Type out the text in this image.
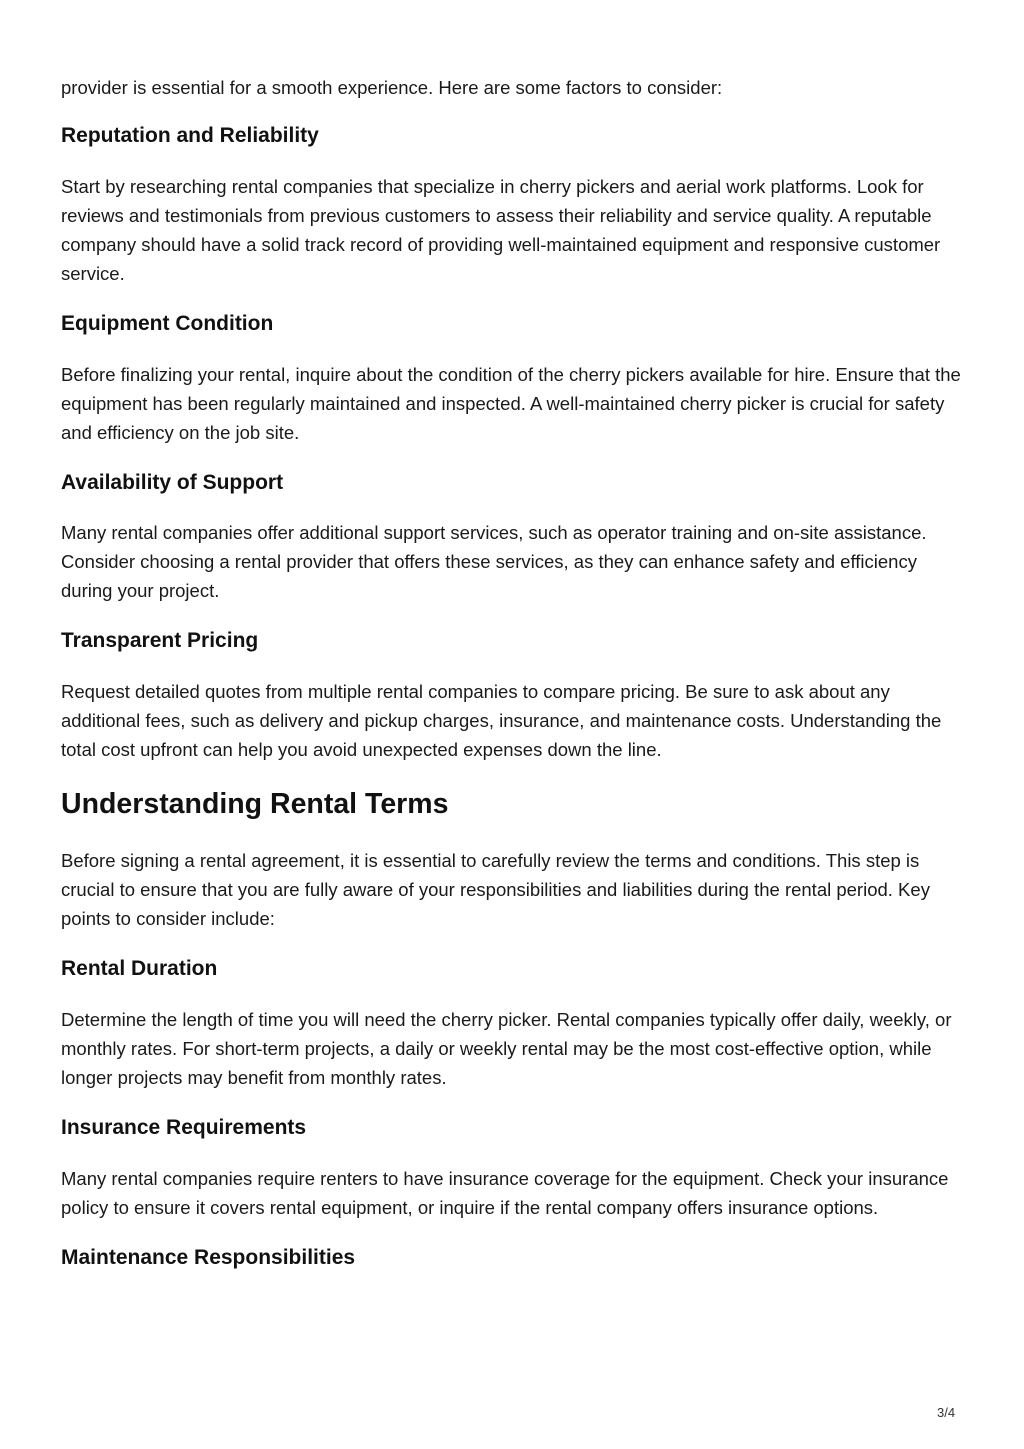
provider is essential for a smooth experience. Here are some factors to consider:

Reputation and Reliability

Start by researching rental companies that specialize in cherry pickers and aerial work platforms. Look for reviews and testimonials from previous customers to assess their reliability and service quality. A reputable company should have a solid track record of providing well-maintained equipment and responsive customer service.

Equipment Condition

Before finalizing your rental, inquire about the condition of the cherry pickers available for hire. Ensure that the equipment has been regularly maintained and inspected. A well-maintained cherry picker is crucial for safety and efficiency on the job site.

Availability of Support

Many rental companies offer additional support services, such as operator training and on-site assistance. Consider choosing a rental provider that offers these services, as they can enhance safety and efficiency during your project.

Transparent Pricing

Request detailed quotes from multiple rental companies to compare pricing. Be sure to ask about any additional fees, such as delivery and pickup charges, insurance, and maintenance costs. Understanding the total cost upfront can help you avoid unexpected expenses down the line.

Understanding Rental Terms

Before signing a rental agreement, it is essential to carefully review the terms and conditions. This step is crucial to ensure that you are fully aware of your responsibilities and liabilities during the rental period. Key points to consider include:

Rental Duration

Determine the length of time you will need the cherry picker. Rental companies typically offer daily, weekly, or monthly rates. For short-term projects, a daily or weekly rental may be the most cost-effective option, while longer projects may benefit from monthly rates.

Insurance Requirements

Many rental companies require renters to have insurance coverage for the equipment. Check your insurance policy to ensure it covers rental equipment, or inquire if the rental company offers insurance options.

Maintenance Responsibilities
3/4
